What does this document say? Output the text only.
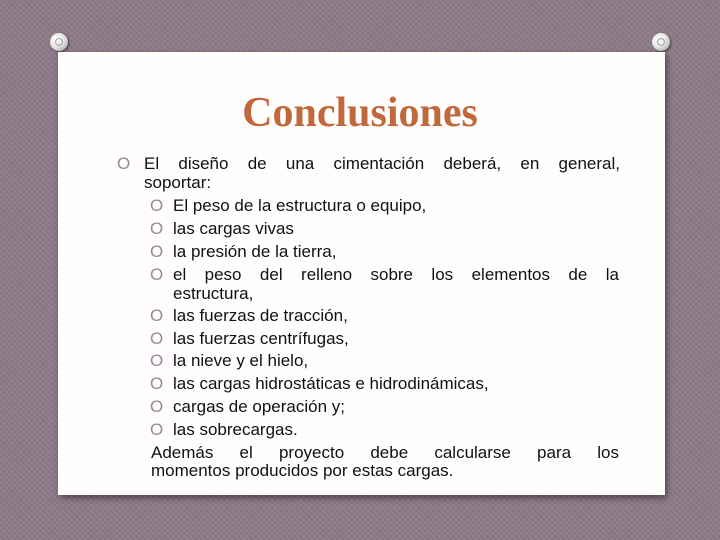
Conclusiones
O El diseño de una cimentación deberá, en general,

soportar:

O El peso de la estructura o equipo,

O las cargas vivas

O la presión de la tierra,

O el peso del relleno sobre los elementos de la

estructura,

O las fuerzas de tracción,

O las fuerzas centrífugas,

O la nieve y el hielo,

O las cargas hidrostáticas e hidrodinámicas,

O cargas de operación y;

O las sobrecargas.

Además el proyecto debe calcularse para los

momentos producidos por estas cargas.
